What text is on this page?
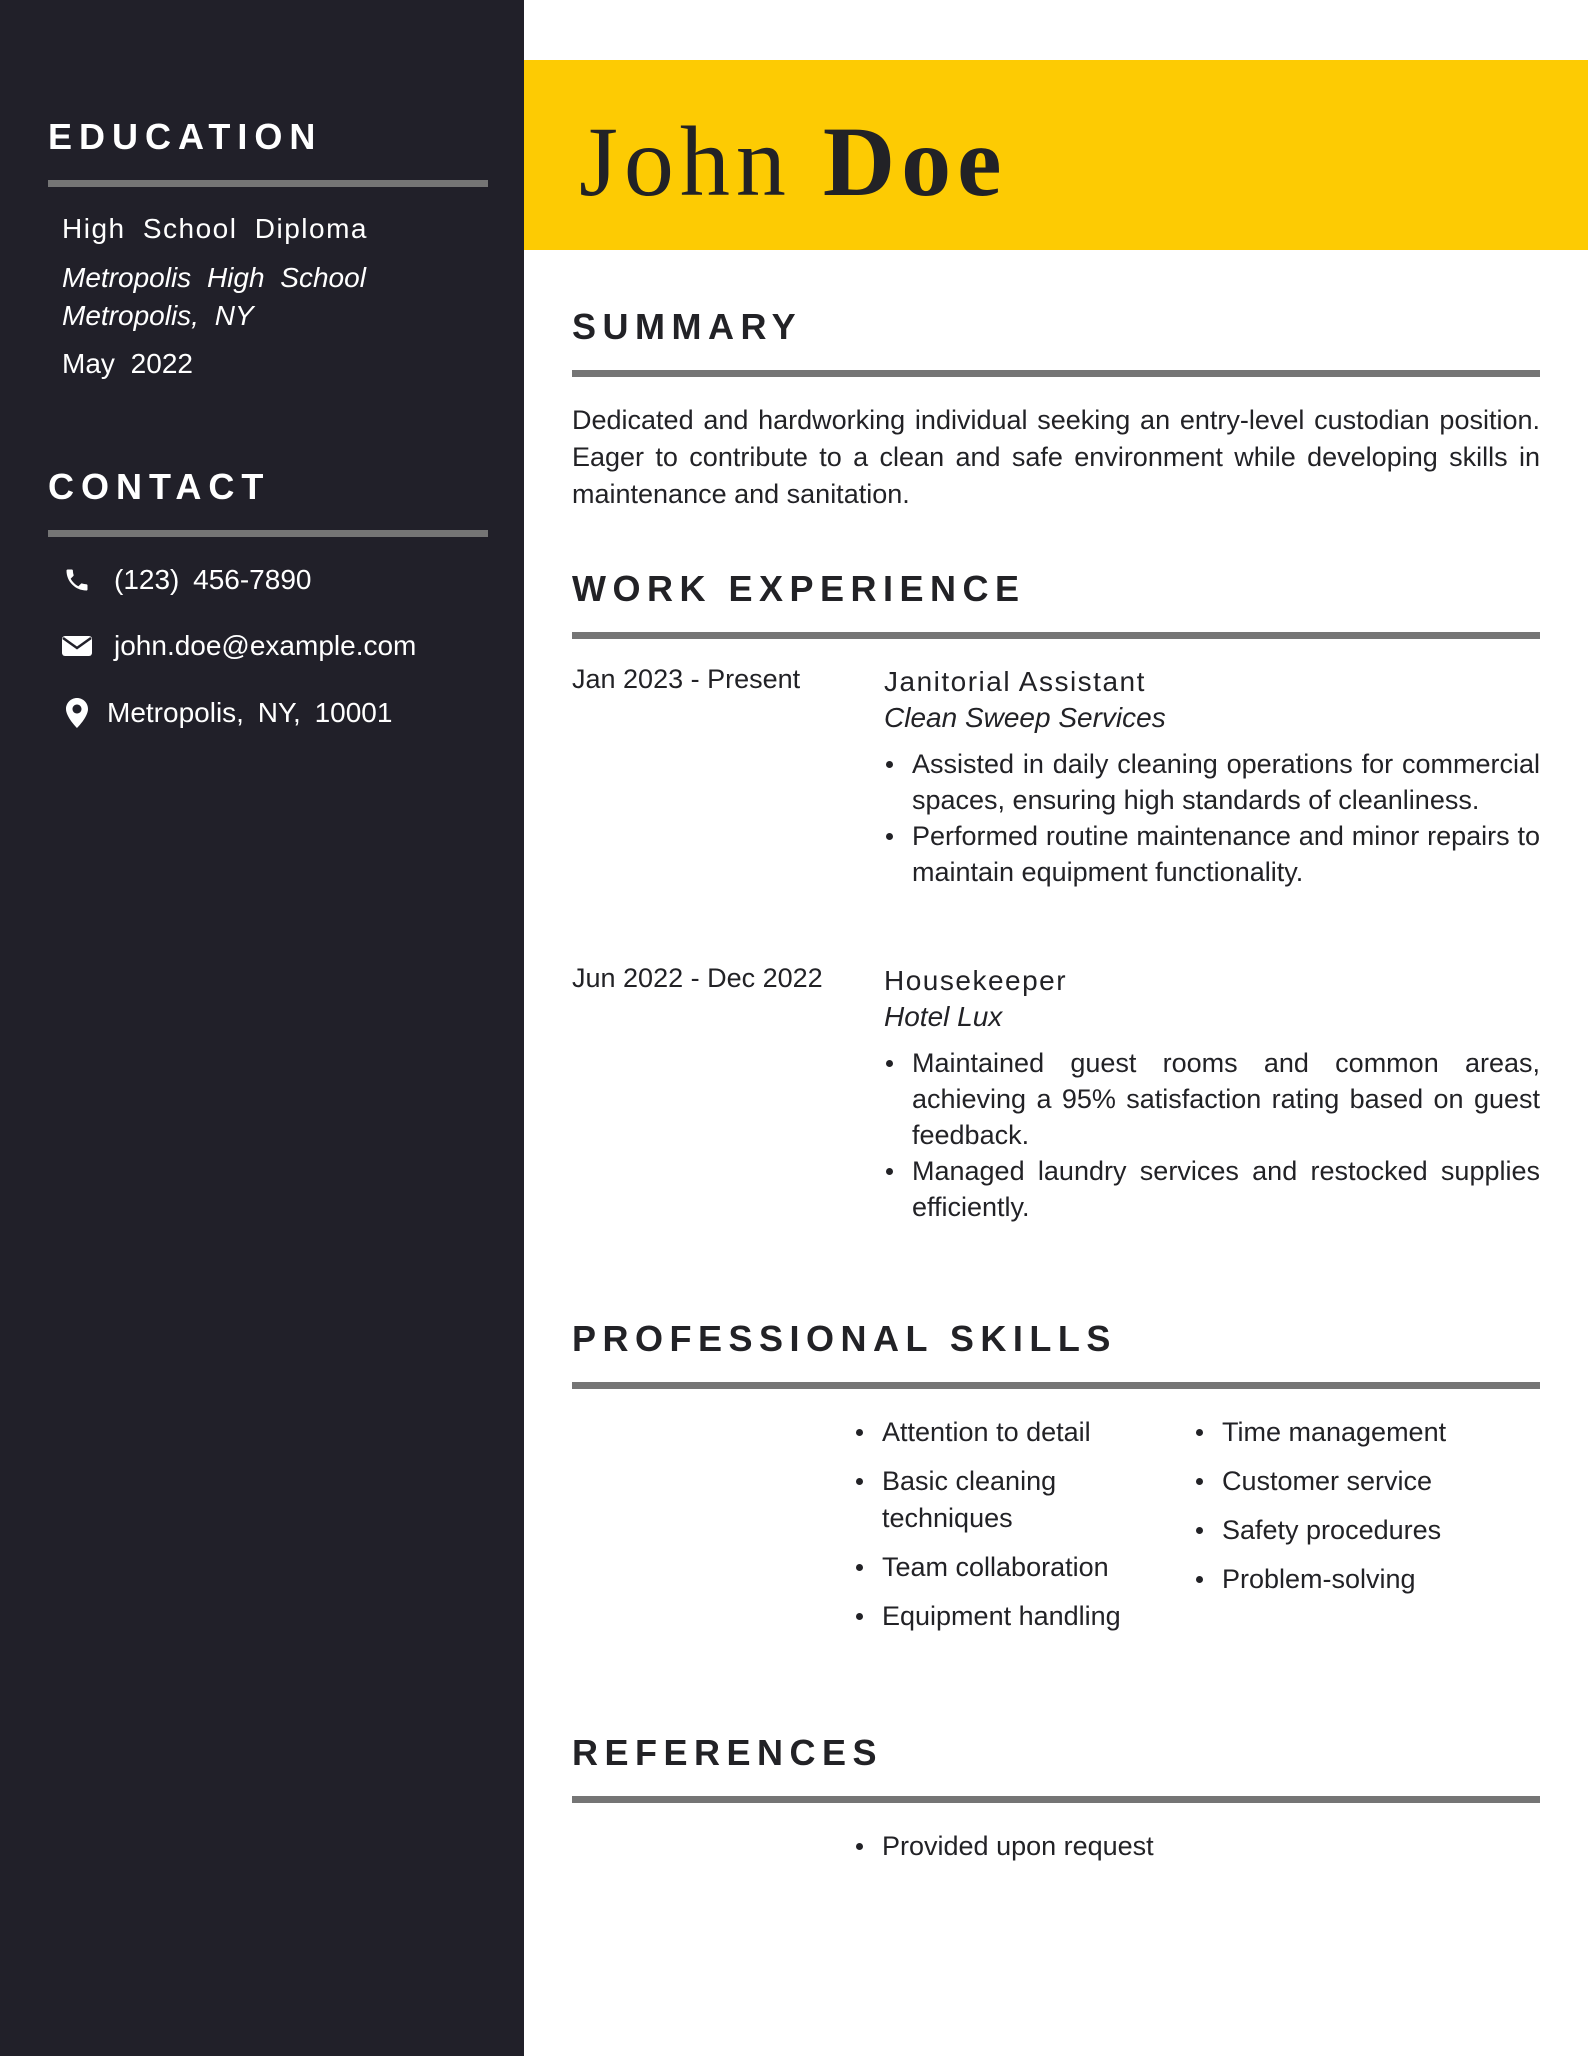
EDUCATION
High School Diploma
Metropolis High School
Metropolis, NY
May 2022
CONTACT
(123) 456-7890
john.doe@example.com
Metropolis, NY, 10001
John Doe
SUMMARY

Dedicated and hardworking individual seeking an entry-level custodian position. Eager to contribute to a clean and safe environment while developing skills in maintenance and sanitation.

WORK EXPERIENCE
Jan 2023 - Present	Janitorial Assistant
Clean Sweep Services
Assisted in daily cleaning operations for commercial spaces, ensuring high standards of cleanliness.
Performed routine maintenance and minor repairs to maintain equipment functionality.
Jun 2022 - Dec 2022 Housekeeper
Hotel Lux
Maintained guest rooms and common areas, achieving a 95% satisfaction rating based on guest feedback.
Managed laundry services and restocked supplies efficiently.
PROFESSIONAL SKILLS
Attention to detail
Basic cleaning techniques
Team collaboration
Equipment handling
Time management
Customer service
Safety procedures
Problem-solving
REFERENCES
Provided upon request
